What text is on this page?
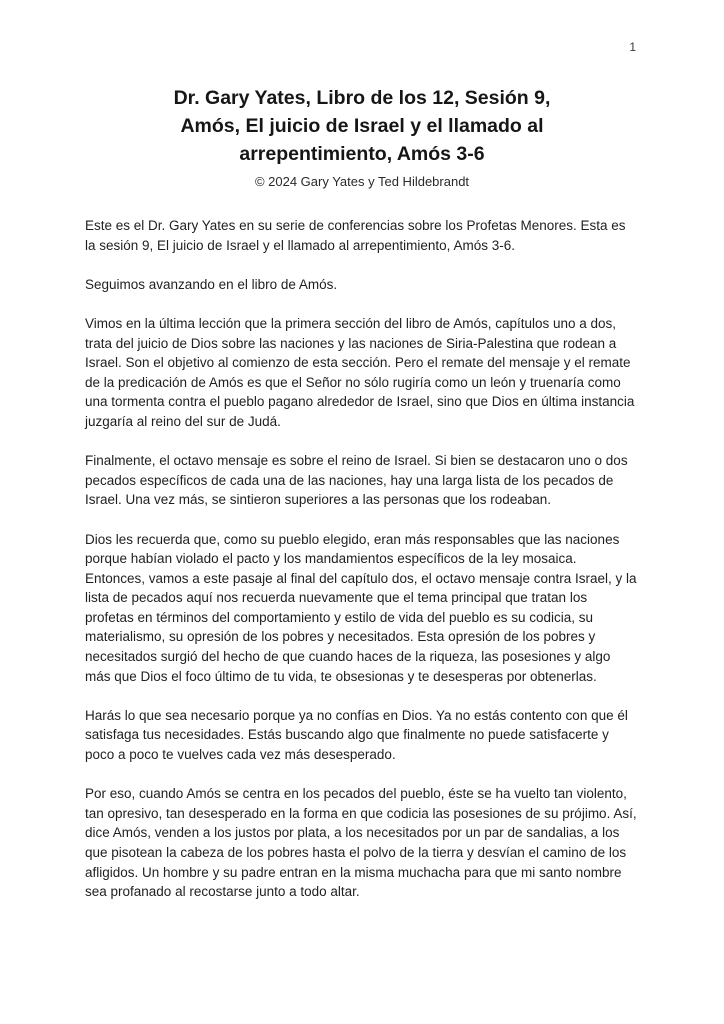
1
Dr. Gary Yates, Libro de los 12, Sesión 9,
Amós, El juicio de Israel y el llamado al
arrepentimiento, Amós 3-6
© 2024 Gary Yates y Ted Hildebrandt

Este es el Dr. Gary Yates en su serie de conferencias sobre los Profetas Menores. Esta es la sesión 9, El juicio de Israel y el llamado al arrepentimiento, Amós 3-6.

Seguimos avanzando en el libro de Amós.

Vimos en la última lección que la primera sección del libro de Amós, capítulos uno a dos, trata del juicio de Dios sobre las naciones y las naciones de Siria-Palestina que rodean a Israel. Son el objetivo al comienzo de esta sección. Pero el remate del mensaje y el remate de la predicación de Amós es que el Señor no sólo rugiría como un león y truenaría como una tormenta contra el pueblo pagano alrededor de Israel, sino que Dios en última instancia juzgaría al reino del sur de Judá.

Finalmente, el octavo mensaje es sobre el reino de Israel. Si bien se destacaron uno o dos pecados específicos de cada una de las naciones, hay una larga lista de los pecados de Israel. Una vez más, se sintieron superiores a las personas que los rodeaban.

Dios les recuerda que, como su pueblo elegido, eran más responsables que las naciones porque habían violado el pacto y los mandamientos específicos de la ley mosaica. Entonces, vamos a este pasaje al final del capítulo dos, el octavo mensaje contra Israel, y la lista de pecados aquí nos recuerda nuevamente que el tema principal que tratan los profetas en términos del comportamiento y estilo de vida del pueblo es su codicia, su materialismo, su opresión de los pobres y necesitados. Esta opresión de los pobres y necesitados surgió del hecho de que cuando haces de la riqueza, las posesiones y algo más que Dios el foco último de tu vida, te obsesionas y te desesperas por obtenerlas.

Harás lo que sea necesario porque ya no confías en Dios. Ya no estás contento con que él satisfaga tus necesidades. Estás buscando algo que finalmente no puede satisfacerte y poco a poco te vuelves cada vez más desesperado.

Por eso, cuando Amós se centra en los pecados del pueblo, éste se ha vuelto tan violento, tan opresivo, tan desesperado en la forma en que codicia las posesiones de su prójimo. Así, dice Amós, venden a los justos por plata, a los necesitados por un par de sandalias, a los que pisotean la cabeza de los pobres hasta el polvo de la tierra y desvían el camino de los afligidos. Un hombre y su padre entran en la misma muchacha para que mi santo nombre sea profanado al recostarse junto a todo altar.
